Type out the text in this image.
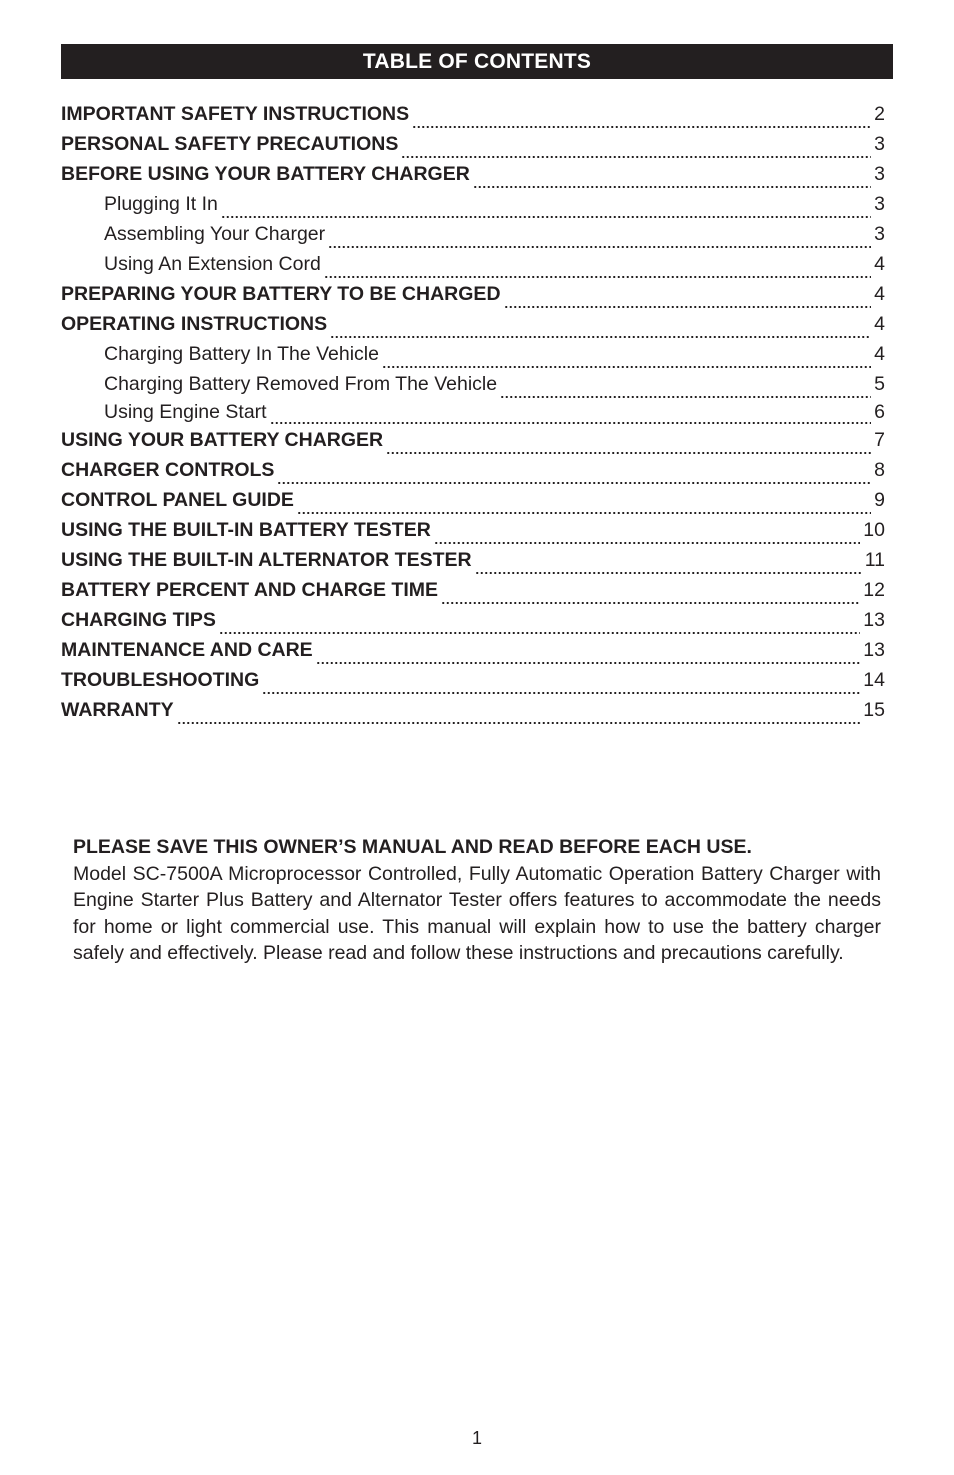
TABLE OF CONTENTS
IMPORTANT SAFETY INSTRUCTIONS	2
PERSONAL SAFETY PRECAUTIONS	3
BEFORE USING YOUR BATTERY CHARGER	3
Plugging It In	3
Assembling Your Charger	3
Using An Extension Cord	4
PREPARING YOUR BATTERY TO BE CHARGED	4
OPERATING INSTRUCTIONS	4
Charging Battery In The Vehicle	4
Charging Battery Removed From The Vehicle	5
Using Engine Start	6
USING YOUR BATTERY CHARGER	7
CHARGER CONTROLS	8
CONTROL PANEL GUIDE	9
USING THE BUILT-IN BATTERY TESTER	10
USING THE BUILT-IN ALTERNATOR TESTER	11
BATTERY PERCENT AND CHARGE TIME	12
CHARGING TIPS	13
MAINTENANCE AND CARE	13
TROUBLESHOOTING	14
WARRANTY	15
PLEASE SAVE THIS OWNER’S MANUAL AND READ BEFORE EACH USE.
Model SC-7500A Microprocessor Controlled, Fully Automatic Operation Battery Charger with Engine Starter Plus Battery and Alternator Tester offers features to accommodate the needs for home or light commercial use. This manual will explain how to use the battery charger safely and effectively. Please read and follow these instructions and precautions carefully.
1
